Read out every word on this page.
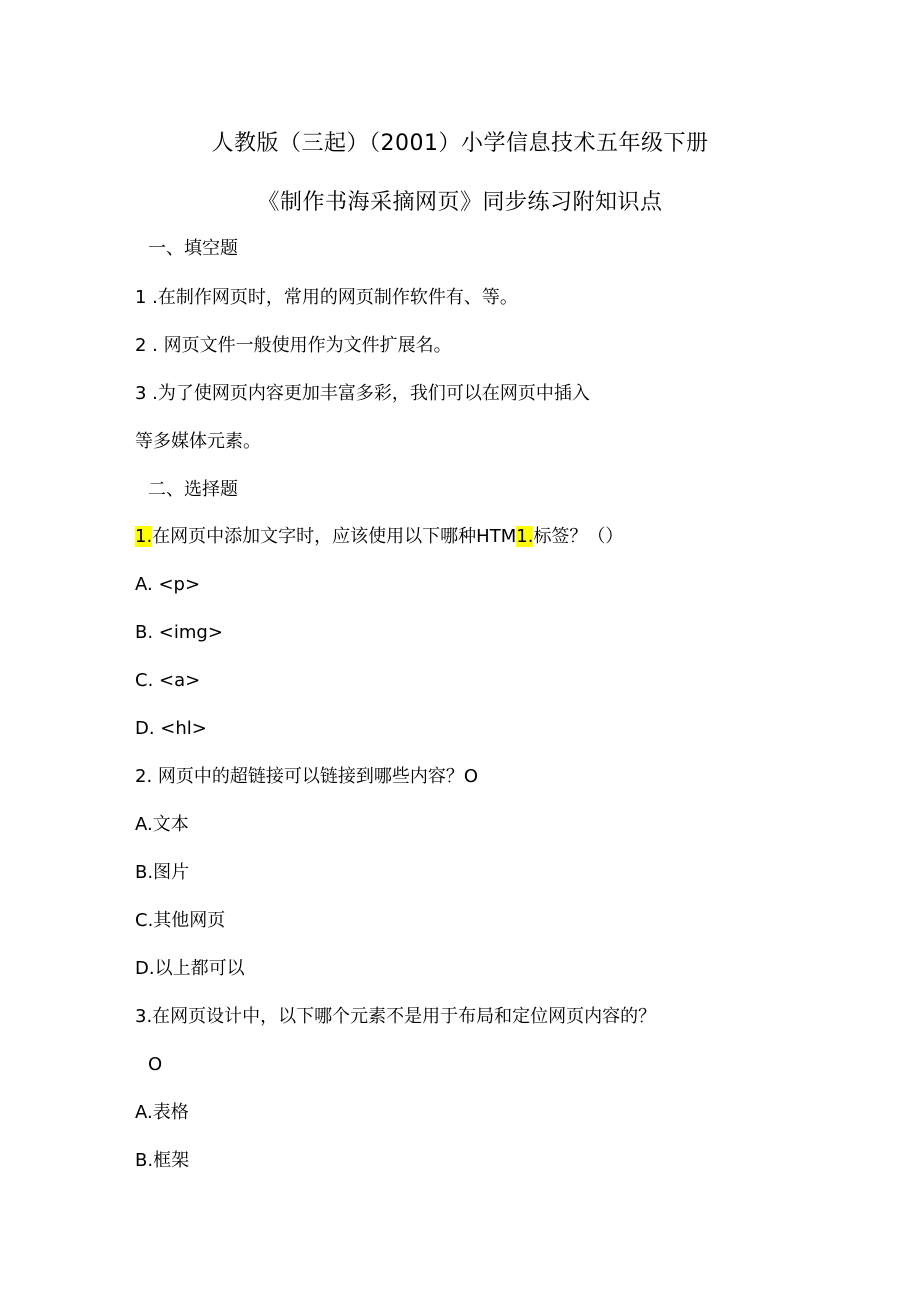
人教版（三起）（2001）小学信息技术五年级下册
《制作书海采摘网页》同步练习附知识点
一、填空题
1 .在制作网页时，常用的网页制作软件有、等。
2 . 网页文件一般使用作为文件扩展名。
3 .为了使网页内容更加丰富多彩，我们可以在网页中插入
等多媒体元素。
二、选择题
1.在网页中添加文字时，应该使用以下哪种HTM1.标签？（）
A. <p>
B. <img>
C. <a>
D. <hl>
2. 网页中的超链接可以链接到哪些内容？O
A.文本
B.图片
C.其他网页
D.以上都可以
3.在网页设计中，以下哪个元素不是用于布局和定位网页内容的？
O
A.表格
B.框架
